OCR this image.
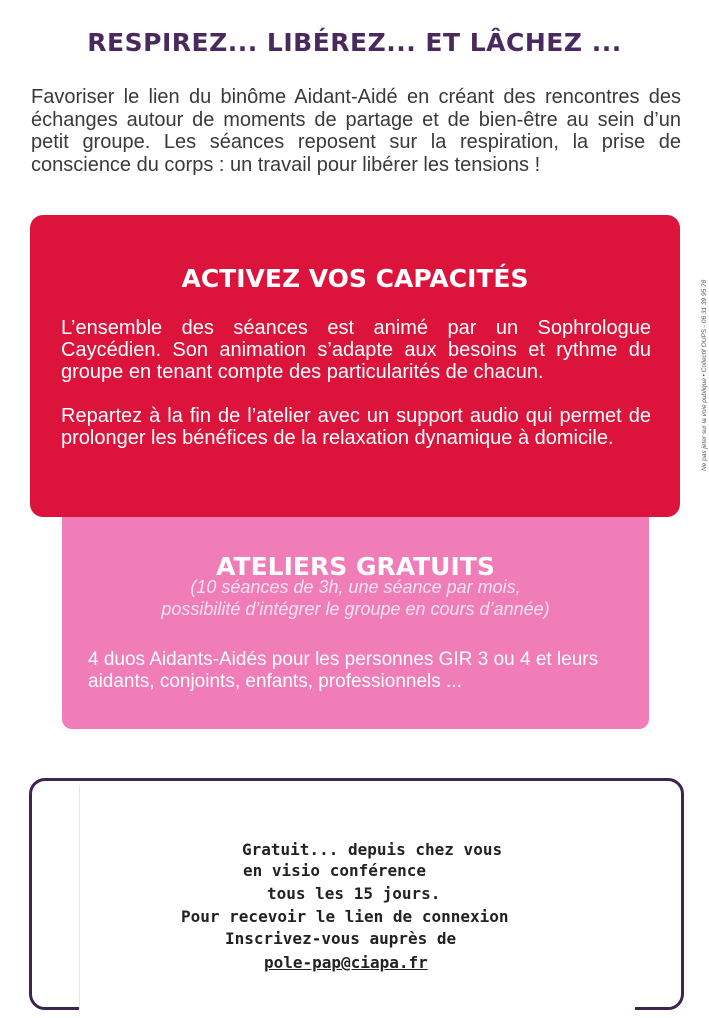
RESPIREZ... LIBÉREZ... ET LÂCHEZ ...

Favoriser le lien du binôme Aidant-Aidé en créant des rencontres des échanges autour de moments de partage et de bien-être au sein d’un petit groupe. Les séances reposent sur la respiration, la prise de conscience du corps : un travail pour libérer les tensions !

Ne pas jeter sur la voie publique • Collectif OUPS - 06 31 39 95 78
ACTIVEZ VOS CAPACITÉS

L’ensemble des séances est animé par un Sophrologue Caycédien. Son animation s’adapte aux besoins et rythme du groupe en tenant compte des particularités de chacun.

Repartez à la fin de l’atelier avec un support audio qui permet de prolonger les bénéfices de la relaxation dynamique à domicile.

ATELIERS GRATUITS

(10 séances de 3h, une séance par mois,

possibilité d’intégrer le groupe en cours d’année)

4 duos Aidants-Aidés pour les personnes GIR 3 ou 4 et leurs aidants, conjoints, enfants, professionnels ...

Gratuit... depuis chez vous

en visio conférence

tous les 15 jours.

Pour recevoir le lien de connexion

Inscrivez-vous auprès de

pole-pap@ciapa.fr
